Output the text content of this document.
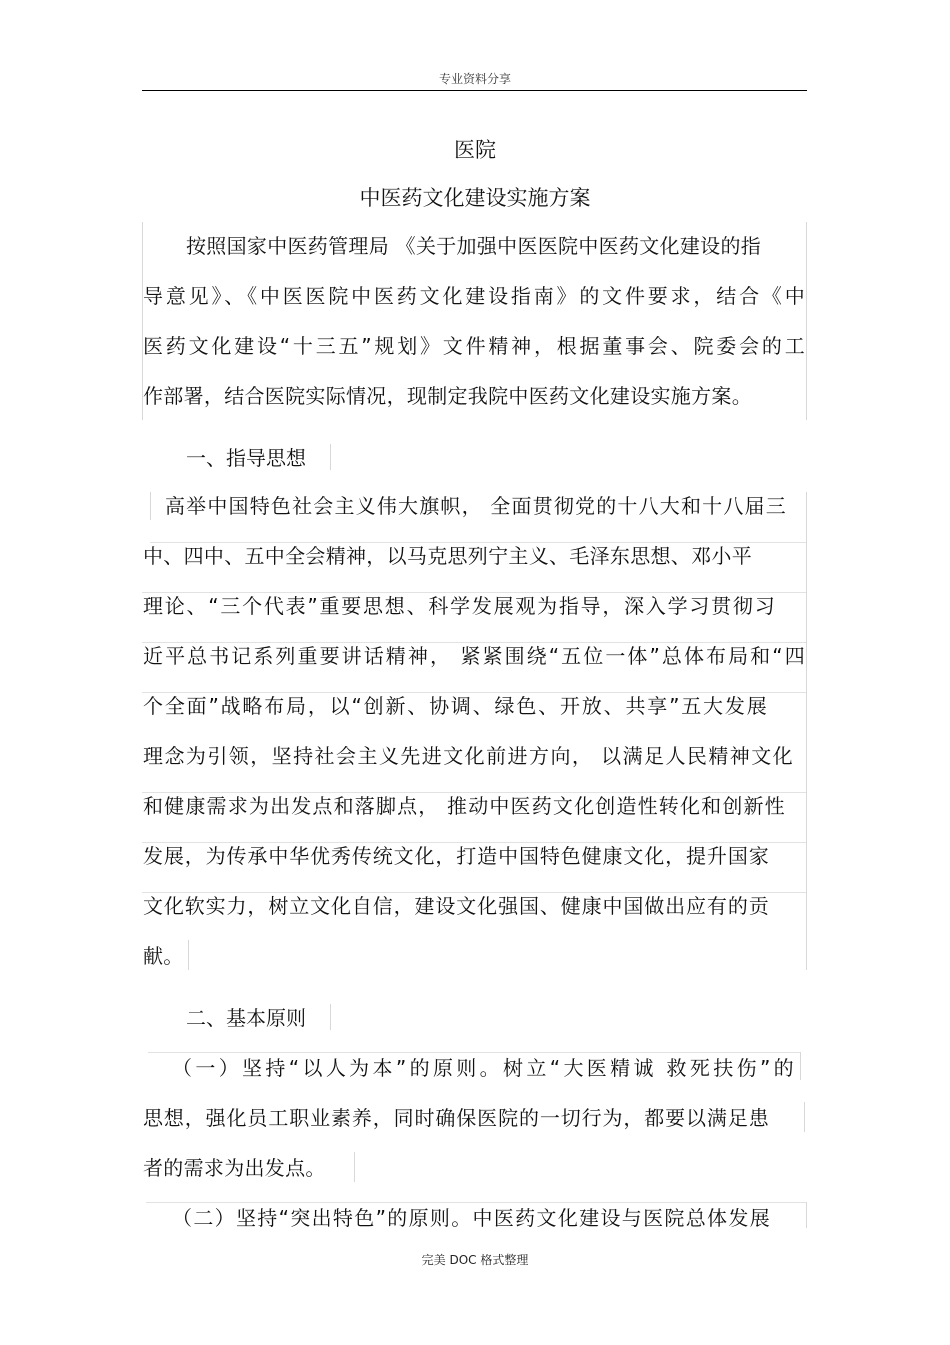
专业资料分享
医院
中医药文化建设实施方案
按照国家中医药管理局 《关于加强中医医院中医药文化建设的指
导意见》、《中医医院中医药文化建设指南》的文件要求，结合《中
医药文化建设“十三五”规划》文件精神，根据董事会、院委会的工
作部署，结合医院实际情况，现制定我院中医药文化建设实施方案。
一、指导思想
高举中国特色社会主义伟大旗帜， 全面贯彻党的十八大和十八届三
中、四中、五中全会精神，以马克思列宁主义、毛泽东思想、邓小平
理论、“三个代表”重要思想、科学发展观为指导，深入学习贯彻习
近平总书记系列重要讲话精神， 紧紧围绕“五位一体”总体布局和“四
个全面”战略布局，以“创新、协调、绿色、开放、共享”五大发展
理念为引领，坚持社会主义先进文化前进方向， 以满足人民精神文化
和健康需求为出发点和落脚点， 推动中医药文化创造性转化和创新性
发展，为传承中华优秀传统文化，打造中国特色健康文化，提升国家
文化软实力，树立文化自信，建设文化强国、健康中国做出应有的贡
献。
二、基本原则
（一）坚持“以人为本”的原则。树立“大医精诚 救死扶伤”的
思想，强化员工职业素养，同时确保医院的一切行为，都要以满足患
者的需求为出发点。
（二）坚持“突出特色”的原则。中医药文化建设与医院总体发展
完美 DOC 格式整理
